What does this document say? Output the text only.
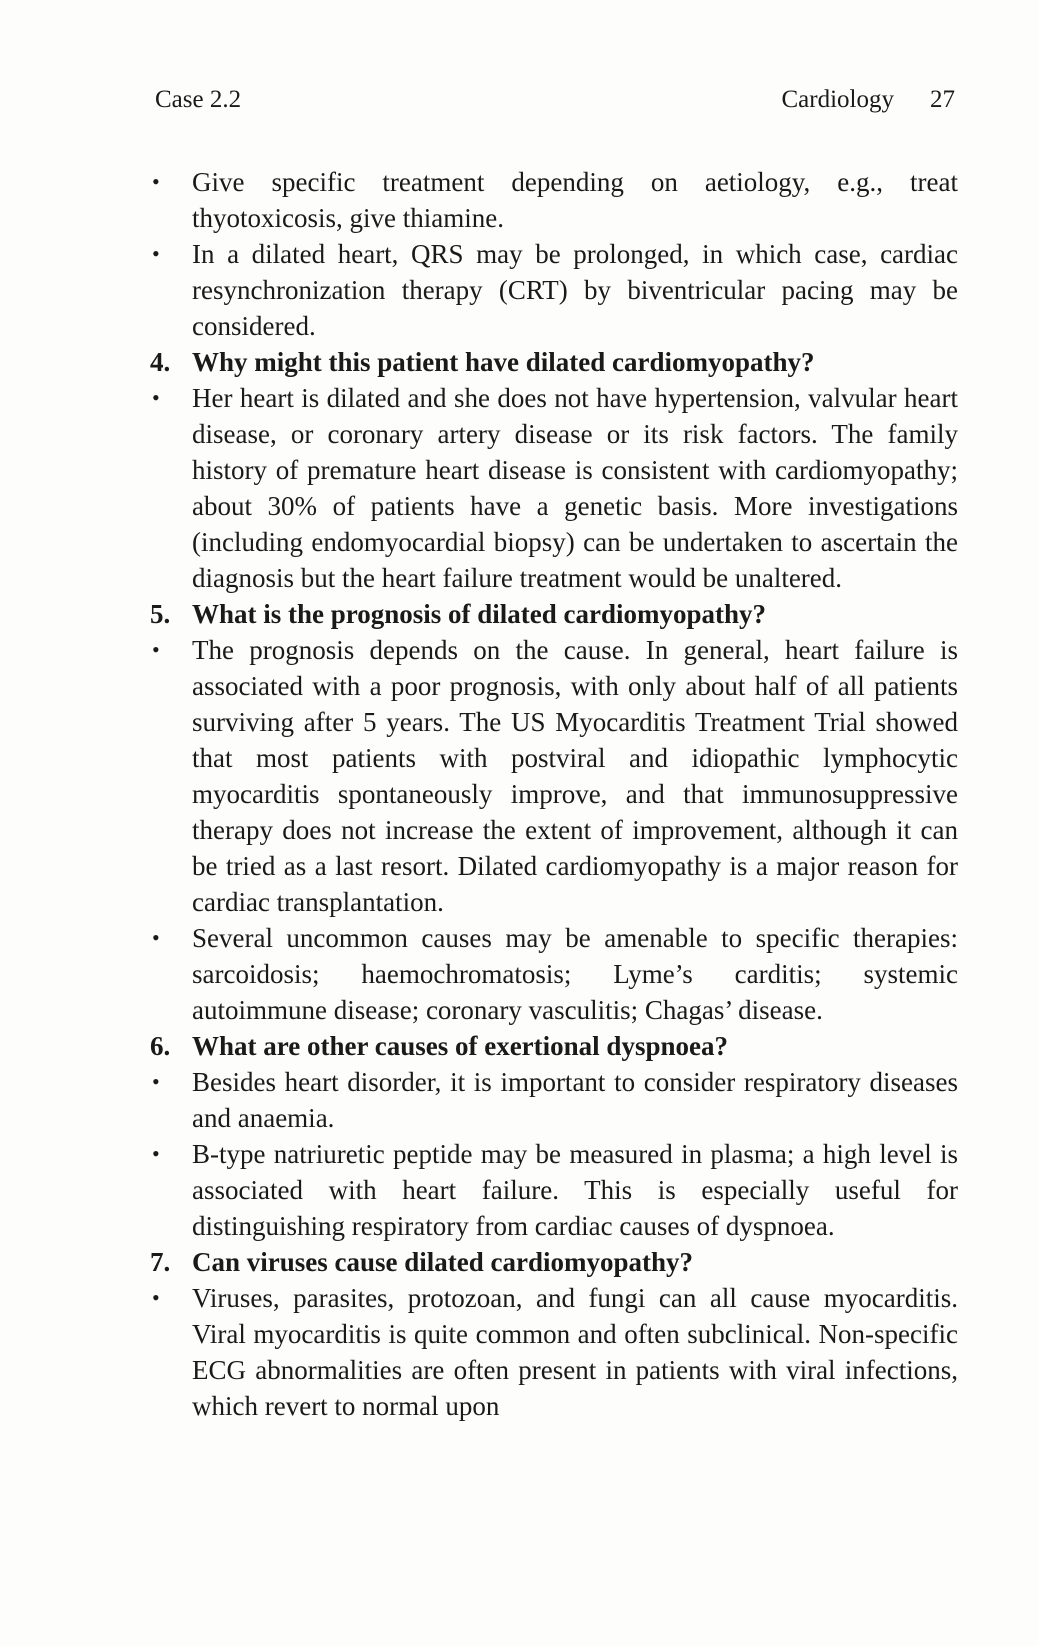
Case 2.2	Cardiology 27
• Give specific treatment depending on aetiology, e.g., treat thyotoxicosis, give thiamine.
• In a dilated heart, QRS may be prolonged, in which case, cardiac resynchronization therapy (CRT) by biventricular pacing may be considered.
4. Why might this patient have dilated cardiomyopathy?
• Her heart is dilated and she does not have hypertension, valvular heart disease, or coronary artery disease or its risk factors. The family history of premature heart disease is consistent with cardiomyopathy; about 30% of patients have a genetic basis. More investigations (including endomyocardial biopsy) can be undertaken to ascertain the diagnosis but the heart failure treatment would be unaltered.
5. What is the prognosis of dilated cardiomyopathy?
• The prognosis depends on the cause. In general, heart failure is associated with a poor prognosis, with only about half of all patients surviving after 5 years. The US Myocarditis Treatment Trial showed that most patients with postviral and idiopathic lymphocytic myocarditis spontaneously improve, and that immunosuppressive therapy does not increase the extent of improvement, although it can be tried as a last resort. Dilated cardiomyopathy is a major reason for cardiac transplantation.
• Several uncommon causes may be amenable to specific therapies: sarcoidosis; haemochromatosis; Lyme’s carditis; systemic autoimmune disease; coronary vasculitis; Chagas’ disease.
6. What are other causes of exertional dyspnoea?
• Besides heart disorder, it is important to consider respiratory diseases and anaemia.
• B-type natriuretic peptide may be measured in plasma; a high level is associated with heart failure. This is especially useful for distinguishing respiratory from cardiac causes of dyspnoea.
7. Can viruses cause dilated cardiomyopathy?
• Viruses, parasites, protozoan, and fungi can all cause myocarditis. Viral myocarditis is quite common and often subclinical. Non-specific ECG abnormalities are often present in patients with viral infections, which revert to normal upon
